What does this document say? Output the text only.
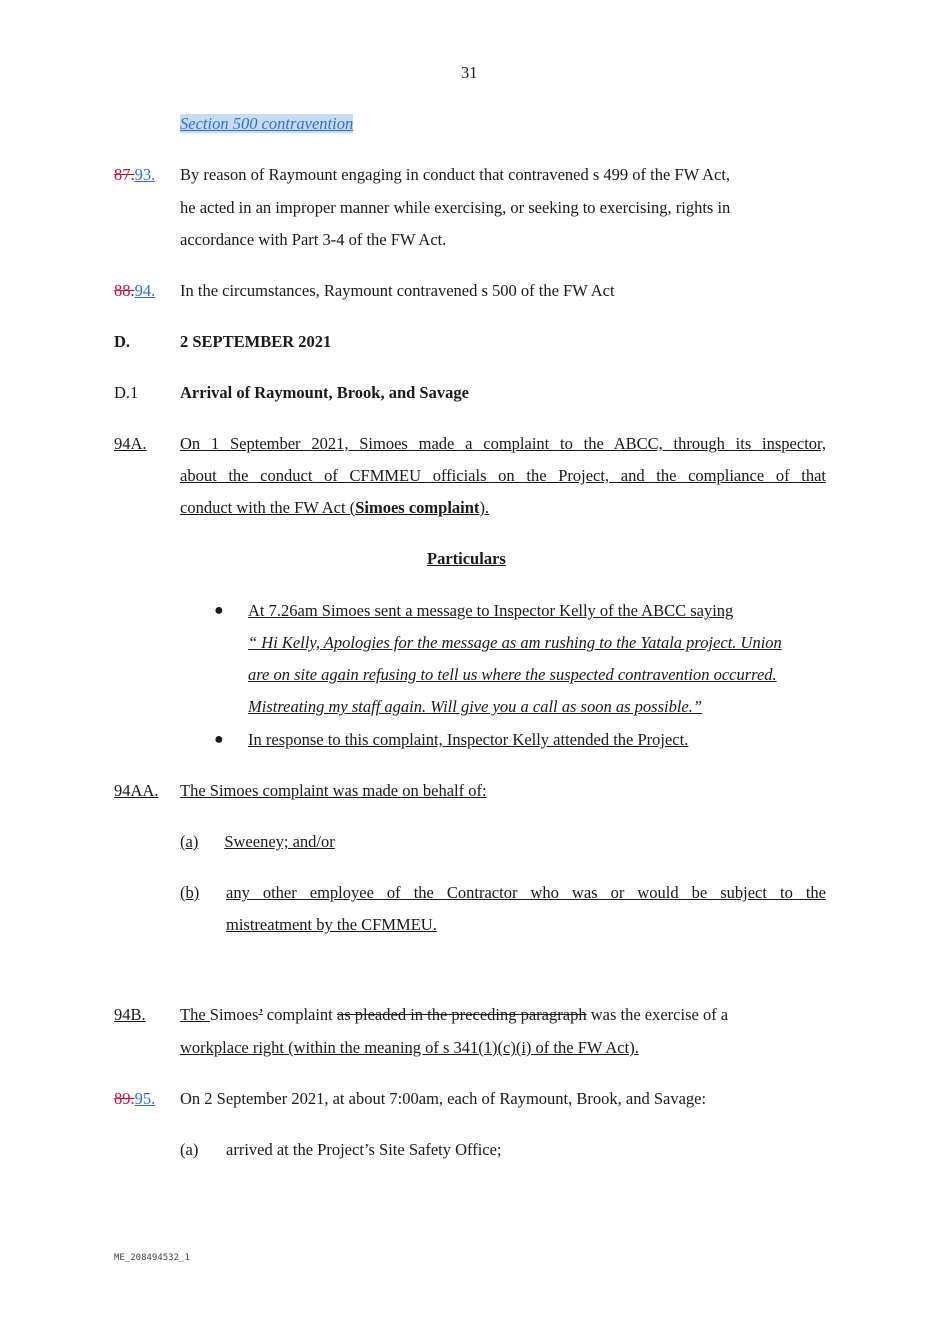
31
Section 500 contravention
87.93.	By reason of Raymount engaging in conduct that contravened s 499 of the FW Act,
he acted in an improper manner while exercising, or seeking to exercising, rights in
accordance with Part 3-4 of the FW Act.
88.94.	In the circumstances, Raymount contravened s 500 of the FW Act
D.	2 SEPTEMBER 2021
D.1	Arrival of Raymount, Brook, and Savage
94A.	On 1 September 2021, Simoes made a complaint to the ABCC, through its inspector,
about the conduct of CFMMEU officials on the Project, and the compliance of that
conduct with the FW Act (Simoes complaint).
Particulars
● At 7.26am Simoes sent a message to Inspector Kelly of the ABCC saying
“ Hi Kelly, Apologies for the message as am rushing to the Yatala project. Union
are on site again refusing to tell us where the suspected contravention occurred.
Mistreating my staff again. Will give you a call as soon as possible.”
● In response to this complaint, Inspector Kelly attended the Project.
94AA.	The Simoes complaint was made on behalf of:
(a) Sweeney; and/or
(b)	any other employee of the Contractor who was or would be subject to the
mistreatment by the CFMMEU.
94B.	The Simoes’ complaint as pleaded in the preceding paragraph was the exercise of a
workplace right (within the meaning of s 341(1)(c)(i) of the FW Act).
89.95.	On 2 September 2021, at about 7:00am, each of Raymount, Brook, and Savage:
(a) arrived at the Project’s Site Safety Office;
ME_208494532_1
